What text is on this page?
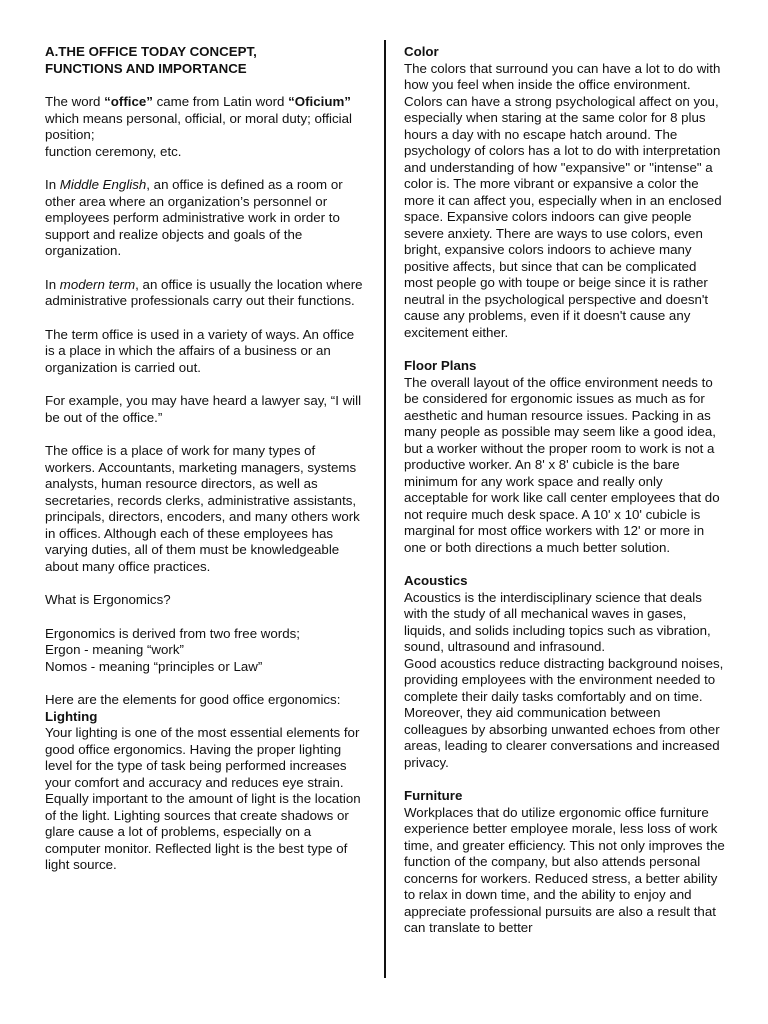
A.THE OFFICE TODAY CONCEPT,
FUNCTIONS AND IMPORTANCE

The word “office” came from Latin word “Oficium” which means personal, official, or moral duty; official position;
function ceremony, etc.

In Middle English, an office is defined as a room or other area where an organization’s personnel or employees perform administrative work in order to support and realize objects and goals of the organization.

In modern term, an office is usually the location where administrative professionals carry out their functions.

The term office is used in a variety of ways. An office is a place in which the affairs of a business or an organization is carried out.

For example, you may have heard a lawyer say, “I will be out of the office.”

The office is a place of work for many types of workers. Accountants, marketing managers, systems analysts, human resource directors, as well as secretaries, records clerks, administrative assistants, principals, directors, encoders, and many others work in offices. Although each of these employees has varying duties, all of them must be knowledgeable about many office practices.

What is Ergonomics?

Ergonomics is derived from two free words;
Ergon - meaning “work”
Nomos - meaning “principles or Law”

Here are the elements for good office ergonomics:

Lighting
Your lighting is one of the most essential elements for good office ergonomics. Having the proper lighting level for the type of task being performed increases your comfort and accuracy and reduces eye strain. Equally important to the amount of light is the location of the light. Lighting sources that create shadows or glare cause a lot of problems, especially on a computer monitor. Reflected light is the best type of light source.
Color
The colors that surround you can have a lot to do with how you feel when inside the office environment. Colors can have a strong psychological affect on you, especially when staring at the same color for 8 plus hours a day with no escape hatch around. The psychology of colors has a lot to do with interpretation and understanding of how "expansive" or "intense" a color is. The more vibrant or expansive a color the more it can affect you, especially when in an enclosed space. Expansive colors indoors can give people severe anxiety. There are ways to use colors, even bright, expansive colors indoors to achieve many positive affects, but since that can be complicated most people go with toupe or beige since it is rather neutral in the psychological perspective and doesn't cause any problems, even if it doesn't cause any excitement either.
Floor Plans
The overall layout of the office environment needs to be considered for ergonomic issues as much as for aesthetic and human resource issues. Packing in as many people as possible may seem like a good idea, but a worker without the proper room to work is not a productive worker. An 8' x 8' cubicle is the bare minimum for any work space and really only acceptable for work like call center employees that do not require much desk space. A 10' x 10' cubicle is marginal for most office workers with 12' or more in one or both directions a much better solution.
Acoustics
Acoustics is the interdisciplinary science that deals with the study of all mechanical waves in gases, liquids, and solids including topics such as vibration, sound, ultrasound and infrasound.
Good acoustics reduce distracting background noises, providing employees with the environment needed to complete their daily tasks comfortably and on time. Moreover, they aid communication between colleagues by absorbing unwanted echoes from other areas, leading to clearer conversations and increased privacy.
Furniture
Workplaces that do utilize ergonomic office furniture experience better employee morale, less loss of work time, and greater efficiency. This not only improves the function of the company, but also attends personal concerns for workers. Reduced stress, a better ability to relax in down time, and the ability to enjoy and appreciate professional pursuits are also a result that can translate to better
